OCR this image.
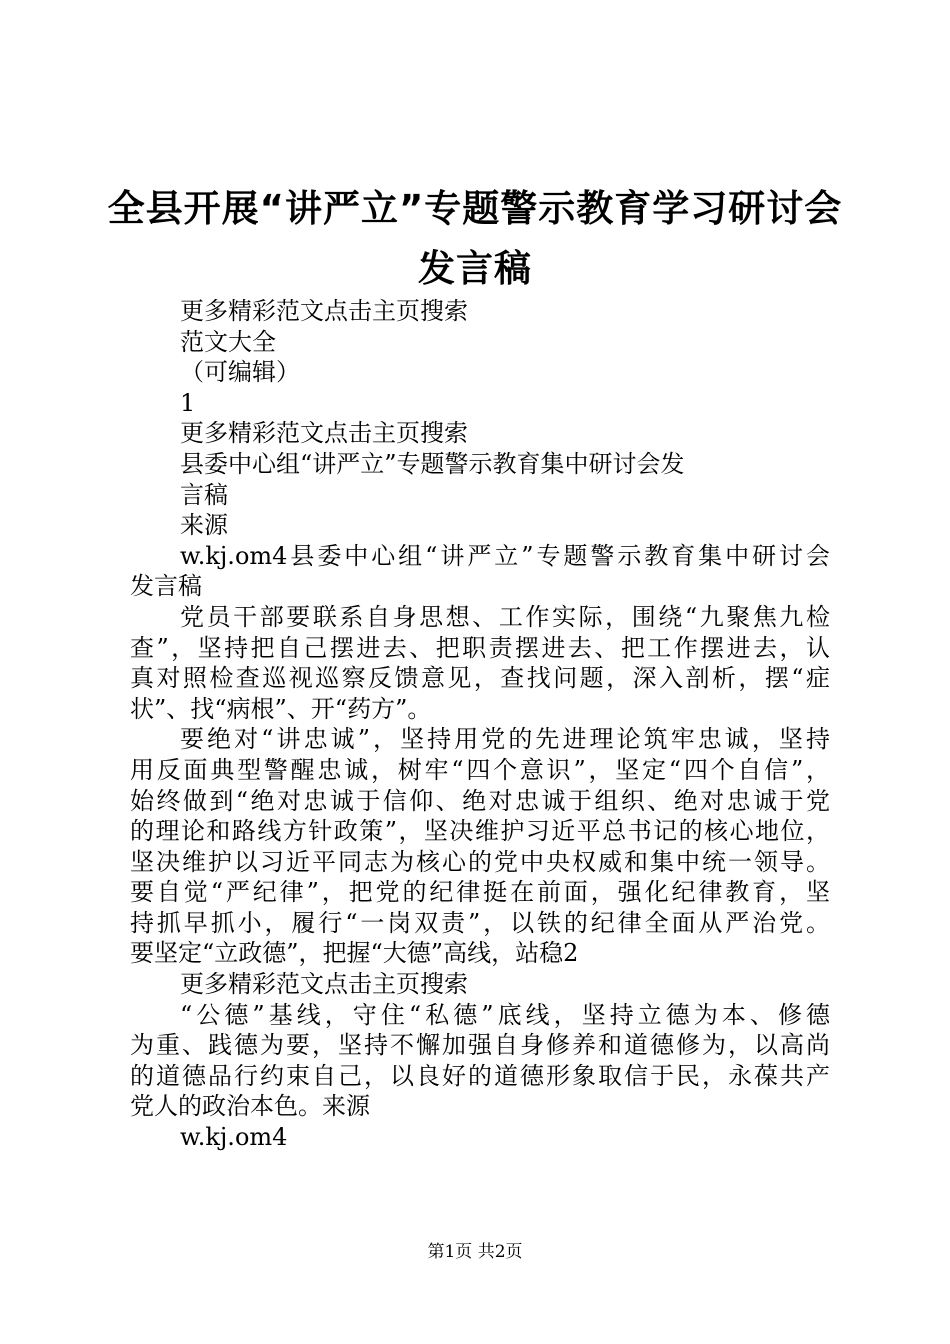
全县开展“讲严立”专题警示教育学习研讨会
发言稿
更多精彩范文点击主页搜索
范文大全
（可编辑）
1
更多精彩范文点击主页搜索
县委中心组“讲严立”专题警示教育集中研讨会发
言稿
来源
w.kj.om4县委中心组“讲严立”专题警示教育集中研讨会
发言稿
党员干部要联系自身思想、工作实际，围绕“九聚焦九检
查”，坚持把自己摆进去、把职责摆进去、把工作摆进去，认
真对照检查巡视巡察反馈意见，查找问题，深入剖析，摆“症
状”、找“病根”、开“药方”。
要绝对“讲忠诚”，坚持用党的先进理论筑牢忠诚，坚持
用反面典型警醒忠诚，树牢“四个意识”，坚定“四个自信”，
始终做到“绝对忠诚于信仰、绝对忠诚于组织、绝对忠诚于党
的理论和路线方针政策”，坚决维护习近平总书记的核心地位，
坚决维护以习近平同志为核心的党中央权威和集中统一领导。
要自觉“严纪律”，把党的纪律挺在前面，强化纪律教育，坚
持抓早抓小，履行“一岗双责”，以铁的纪律全面从严治党。
要坚定“立政德”，把握“大德”高线，站稳2
更多精彩范文点击主页搜索
“公德”基线，守住“私德”底线，坚持立德为本、修德
为重、践德为要，坚持不懈加强自身修养和道德修为，以高尚
的道德品行约束自己，以良好的道德形象取信于民，永葆共产
党人的政治本色。来源
w.kj.om4
第1页 共2页
